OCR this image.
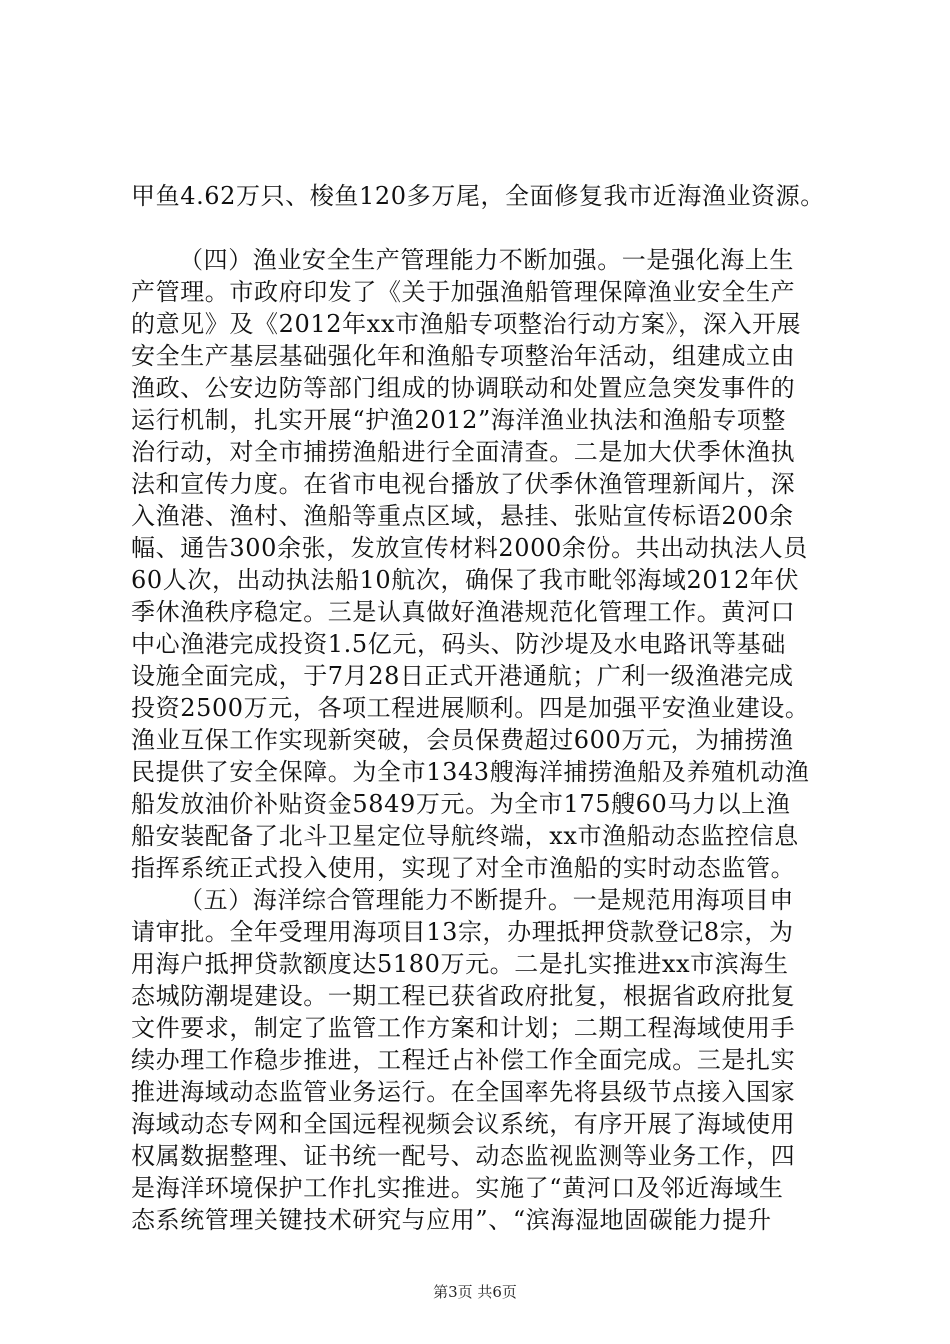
甲鱼4.62万只、梭鱼120多万尾，全面修复我市近海渔业资源。
（四）渔业安全生产管理能力不断加强。一是强化海上生
产管理。市政府印发了《关于加强渔船管理保障渔业安全生产
的意见》及《2012年xx市渔船专项整治行动方案》，深入开展
安全生产基层基础强化年和渔船专项整治年活动，组建成立由
渔政、公安边防等部门组成的协调联动和处置应急突发事件的
运行机制，扎实开展“护渔2012”海洋渔业执法和渔船专项整
治行动，对全市捕捞渔船进行全面清查。二是加大伏季休渔执
法和宣传力度。在省市电视台播放了伏季休渔管理新闻片，深
入渔港、渔村、渔船等重点区域，悬挂、张贴宣传标语200余
幅、通告300余张，发放宣传材料2000余份。共出动执法人员
60人次，出动执法船10航次，确保了我市毗邻海域2012年伏
季休渔秩序稳定。三是认真做好渔港规范化管理工作。黄河口
中心渔港完成投资1.5亿元，码头、防沙堤及水电路讯等基础
设施全面完成，于7月28日正式开港通航；广利一级渔港完成
投资2500万元，各项工程进展顺利。四是加强平安渔业建设。
渔业互保工作实现新突破，会员保费超过600万元，为捕捞渔
民提供了安全保障。为全市1343艘海洋捕捞渔船及养殖机动渔
船发放油价补贴资金5849万元。为全市175艘60马力以上渔
船安装配备了北斗卫星定位导航终端，xx市渔船动态监控信息
指挥系统正式投入使用，实现了对全市渔船的实时动态监管。
（五）海洋综合管理能力不断提升。一是规范用海项目申
请审批。全年受理用海项目13宗，办理抵押贷款登记8宗，为
用海户抵押贷款额度达5180万元。二是扎实推进xx市滨海生
态城防潮堤建设。一期工程已获省政府批复，根据省政府批复
文件要求，制定了监管工作方案和计划；二期工程海域使用手
续办理工作稳步推进，工程迁占补偿工作全面完成。三是扎实
推进海域动态监管业务运行。在全国率先将县级节点接入国家
海域动态专网和全国远程视频会议系统，有序开展了海域使用
权属数据整理、证书统一配号、动态监视监测等业务工作，四
是海洋环境保护工作扎实推进。实施了“黄河口及邻近海域生
态系统管理关键技术研究与应用”、“滨海湿地固碳能力提升
第3页 共6页
